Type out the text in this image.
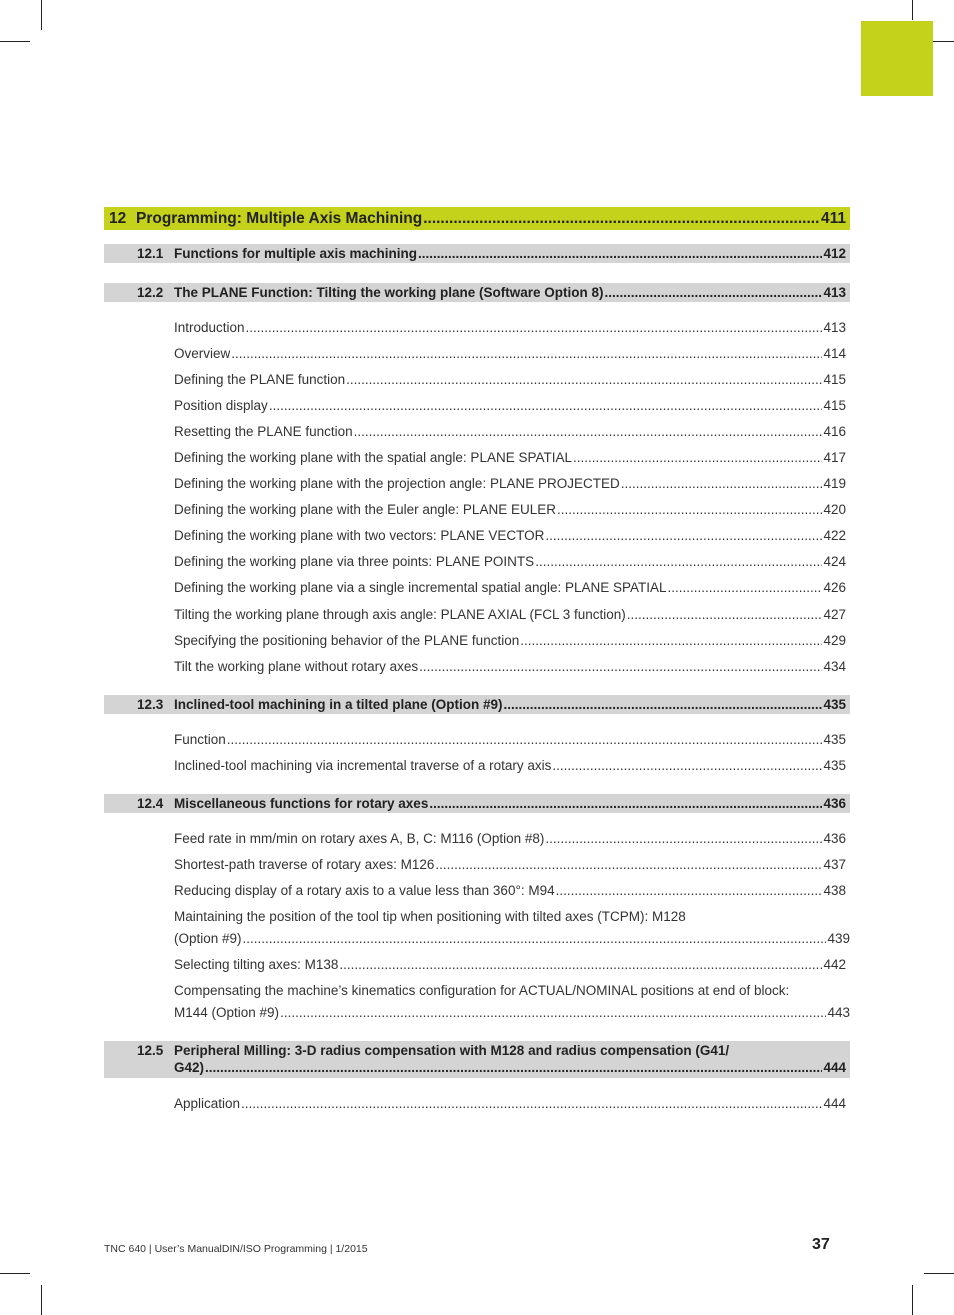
12 Programming: Multiple Axis Machining .....	411
12.1 Functions for multiple axis machining .....	412
12.2 The PLANE Function: Tilting the working plane (Software Option 8) .....	413
Introduction .....	413
Overview .....	414
Defining the PLANE function .....	415
Position display .....	415
Resetting the PLANE function .....	416
Defining the working plane with the spatial angle: PLANE SPATIAL .....	417
Defining the working plane with the projection angle: PLANE PROJECTED .....	419
Defining the working plane with the Euler angle: PLANE EULER .....	420
Defining the working plane with two vectors: PLANE VECTOR .....	422
Defining the working plane via three points: PLANE POINTS .....	424
Defining the working plane via a single incremental spatial angle: PLANE SPATIAL .....	426
Tilting the working plane through axis angle: PLANE AXIAL (FCL 3 function) .....	427
Specifying the positioning behavior of the PLANE function .....	429
Tilt the working plane without rotary axes .....	434
12.3 Inclined-tool machining in a tilted plane (Option #9) .....	435
Function .....	435
Inclined-tool machining via incremental traverse of a rotary axis .....	435
12.4 Miscellaneous functions for rotary axes .....	436
Feed rate in mm/min on rotary axes A, B, C: M116 (Option #8) .....	436
Shortest-path traverse of rotary axes: M126 .....	437
Reducing display of a rotary axis to a value less than 360°: M94 .....	438
Maintaining the position of the tool tip when positioning with tilted axes (TCPM): M128
(Option #9) .....	439
Selecting tilting axes: M138 .....	442
Compensating the machine’s kinematics configuration for ACTUAL/NOMINAL positions at end of block:
M144 (Option #9) .....	443
12.5 Peripheral Milling: 3-D radius compensation with M128 and radius compensation (G41/
G42) .....	444
Application .....	444
TNC 640 | User’s ManualDIN/ISO Programming | 1/2015	37
